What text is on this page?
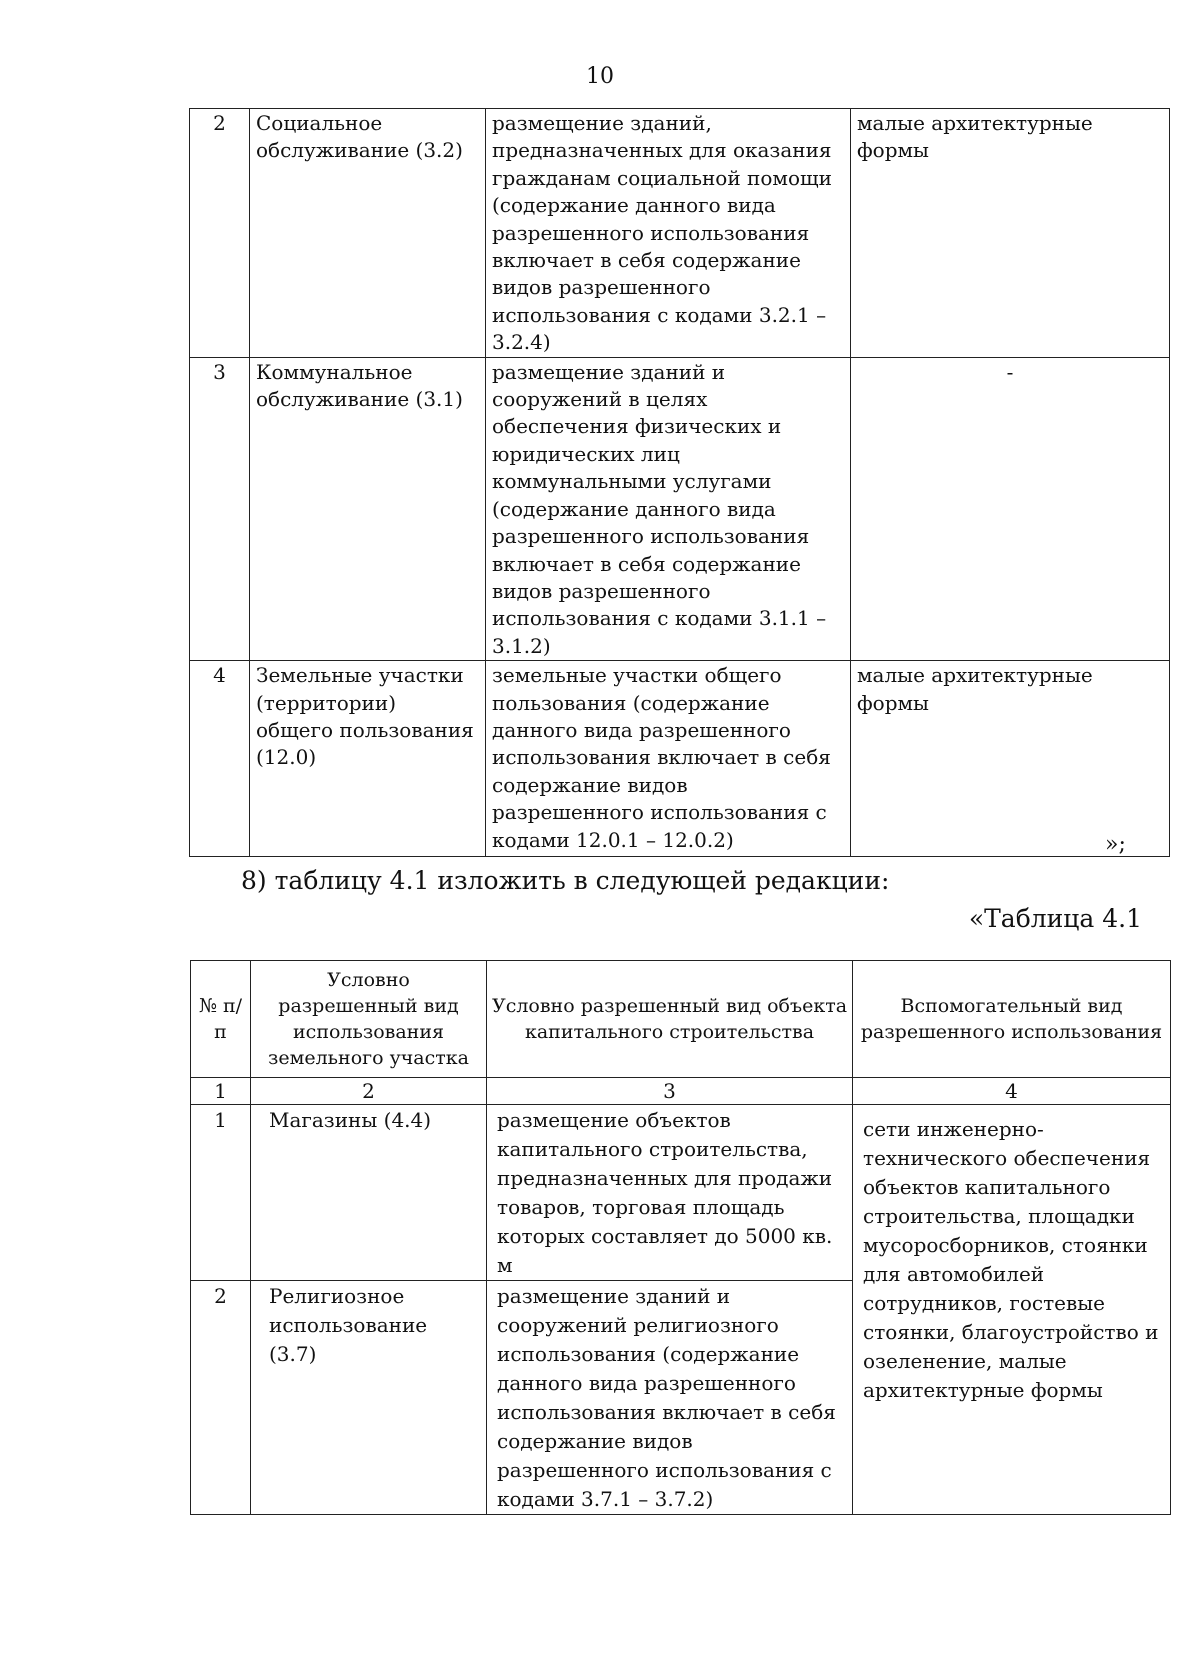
10
2	Социальное обслуживание (3.2)	размещение зданий, предназначенных для оказания гражданам социальной помощи (содержание данного вида разрешенного использования включает в себя содержание видов разрешенного использования с кодами 3.2.1 – 3.2.4)	малые архитектурные формы
3	Коммунальное обслуживание (3.1)	размещение зданий и сооружений в целях обеспечения физических и юридических лиц коммунальными услугами (содержание данного вида разрешенного использования включает в себя содержание видов разрешенного использования с кодами 3.1.1 – 3.1.2)	-
4	Земельные участки (территории) общего пользования (12.0)	земельные участки общего пользования (содержание данного вида разрешенного использования включает в себя содержание видов разрешенного использования с кодами 12.0.1 – 12.0.2)	малые архитектурные формы
»;
8) таблицу 4.1 изложить в следующей редакции:
«Таблица 4.1
№ п/п	Условно разрешенный вид использования земельного участка	Условно разрешенный вид объекта капитального строительства	Вспомогательный вид разрешенного использования
1	2	3	4
1	Магазины (4.4)	размещение объектов капитального строительства, предназначенных для продажи товаров, торговая площадь которых составляет до 5000 кв. м	сети инженерно-технического обеспечения объектов капитального строительства, площадки мусоросборников, стоянки для автомобилей сотрудников, гостевые стоянки, благоустройство и озеленение, малые архитектурные формы
2	Религиозное использование (3.7)	размещение зданий и сооружений религиозного использования (содержание данного вида разрешенного использования включает в себя содержание видов разрешенного использования с кодами 3.7.1 – 3.7.2)	
